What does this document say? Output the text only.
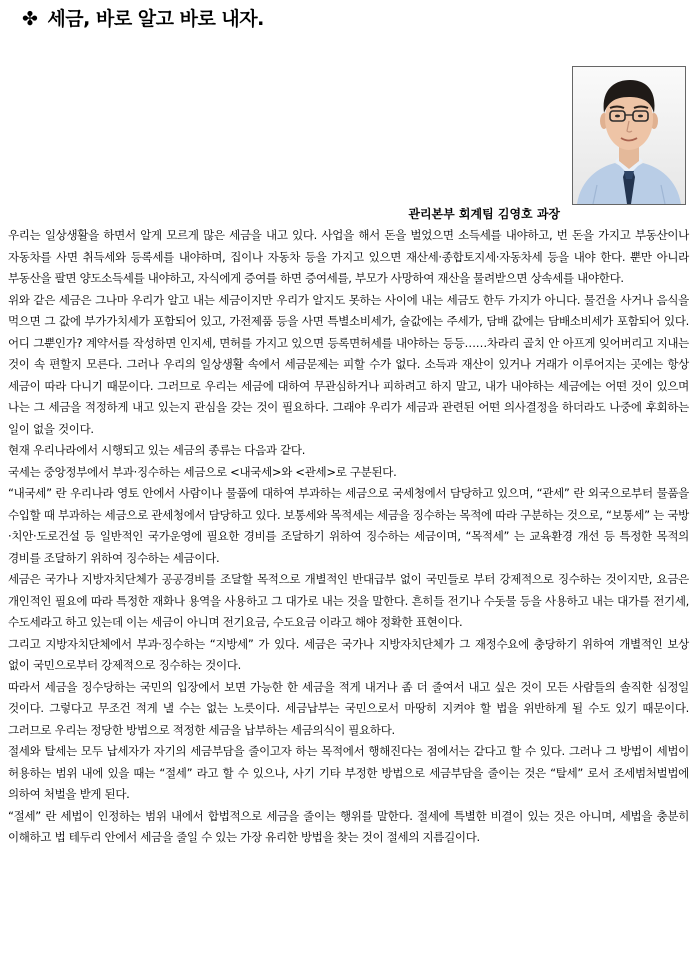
✤ 세금, 바로 알고 바로 내자.
관리본부 회계팀 김영호 과장

우리는 일상생활을 하면서 알게 모르게 많은 세금을 내고 있다. 사업을 해서 돈을 벌었으면 소득세를 내야하고, 번 돈을 가지고 부동산이나 자동차를 사면 취득세와 등록세를 내야하며, 집이나 자동차 등을 가지고 있으면 재산세·종합토지세·자동차세 등을 내야 한다. 뿐만 아니라 부동산을 팔면 양도소득세를 내야하고, 자식에게 증여를 하면 증여세를, 부모가 사망하여 재산을 물려받으면 상속세를 내야한다.

위와 같은 세금은 그나마 우리가 알고 내는 세금이지만 우리가 알지도 못하는 사이에 내는 세금도 한두 가지가 아니다. 물건을 사거나 음식을 먹으면 그 값에 부가가치세가 포함되어 있고, 가전제품 등을 사면 특별소비세가, 술값에는 주세가, 담배 값에는 담배소비세가 포함되어 있다. 어디 그뿐인가? 계약서를 작성하면 인지세, 면허를 가지고 있으면 등록면허세를 내야하는 등등……차라리 골치 안 아프게 잊어버리고 지내는 것이 속 편할지 모른다. 그러나 우리의 일상생활 속에서 세금문제는 피할 수가 없다. 소득과 재산이 있거나 거래가 이루어지는 곳에는 항상 세금이 따라 다니기 때문이다. 그러므로 우리는 세금에 대하여 무관심하거나 피하려고 하지 말고, 내가 내야하는 세금에는 어떤 것이 있으며 나는 그 세금을 적정하게 내고 있는지 관심을 갖는 것이 필요하다. 그래야 우리가 세금과 관련된 어떤 의사결정을 하더라도 나중에 후회하는 일이 없을 것이다.

현재 우리나라에서 시행되고 있는 세금의 종류는 다음과 같다.

국세는 중앙정부에서 부과·징수하는 세금으로 <내국세>와 <관세>로 구분된다.

“내국세” 란 우리나라 영토 안에서 사람이나 물품에 대하여 부과하는 세금으로 국세청에서 담당하고 있으며, “관세” 란 외국으로부터 물품을 수입할 때 부과하는 세금으로 관세청에서 담당하고 있다. 보통세와 목적세는 세금을 징수하는 목적에 따라 구분하는 것으로, “보통세” 는 국방·치안·도로건설 등 일반적인 국가운영에 필요한 경비를 조달하기 위하여 징수하는 세금이며, “목적세” 는 교육환경 개선 등 특정한 목적의 경비를 조달하기 위하여 징수하는 세금이다.

세금은 국가나 지방자치단체가 공공경비를 조달할 목적으로 개별적인 반대급부 없이 국민들로 부터 강제적으로 징수하는 것이지만, 요금은 개인적인 필요에 따라 특정한 재화나 용역을 사용하고 그 대가로 내는 것을 말한다. 흔히들 전기나 수돗물 등을 사용하고 내는 대가를 전기세, 수도세라고 하고 있는데 이는 세금이 아니며 전기요금, 수도요금 이라고 해야 정확한 표현이다.

그리고 지방자치단체에서 부과·징수하는 “지방세” 가 있다. 세금은 국가나 지방자치단체가 그 재정수요에 충당하기 위하여 개별적인 보상 없이 국민으로부터 강제적으로 징수하는 것이다.

따라서 세금을 징수당하는 국민의 입장에서 보면 가능한 한 세금을 적게 내거나 좀 더 줄여서 내고 싶은 것이 모든 사람들의 솔직한 심정일 것이다. 그렇다고 무조건 적게 낼 수는 없는 노릇이다. 세금납부는 국민으로서 마땅히 지켜야 할 법을 위반하게 될 수도 있기 때문이다. 그러므로 우리는 정당한 방법으로 적정한 세금을 납부하는 세금의식이 필요하다.

절세와 탈세는 모두 납세자가 자기의 세금부담을 줄이고자 하는 목적에서 행해진다는 점에서는 같다고 할 수 있다. 그러나 그 방법이 세법이 허용하는 범위 내에 있을 때는 “절세” 라고 할 수 있으나, 사기 기타 부정한 방법으로 세금부담을 줄이는 것은 “탈세” 로서 조세범처벌법에 의하여 처벌을 받게 된다.

“절세” 란 세법이 인정하는 범위 내에서 합법적으로 세금을 줄이는 행위를 말한다. 절세에 특별한 비결이 있는 것은 아니며, 세법을 충분히 이해하고 법 테두리 안에서 세금을 줄일 수 있는 가장 유리한 방법을 찾는 것이 절세의 지름길이다.
